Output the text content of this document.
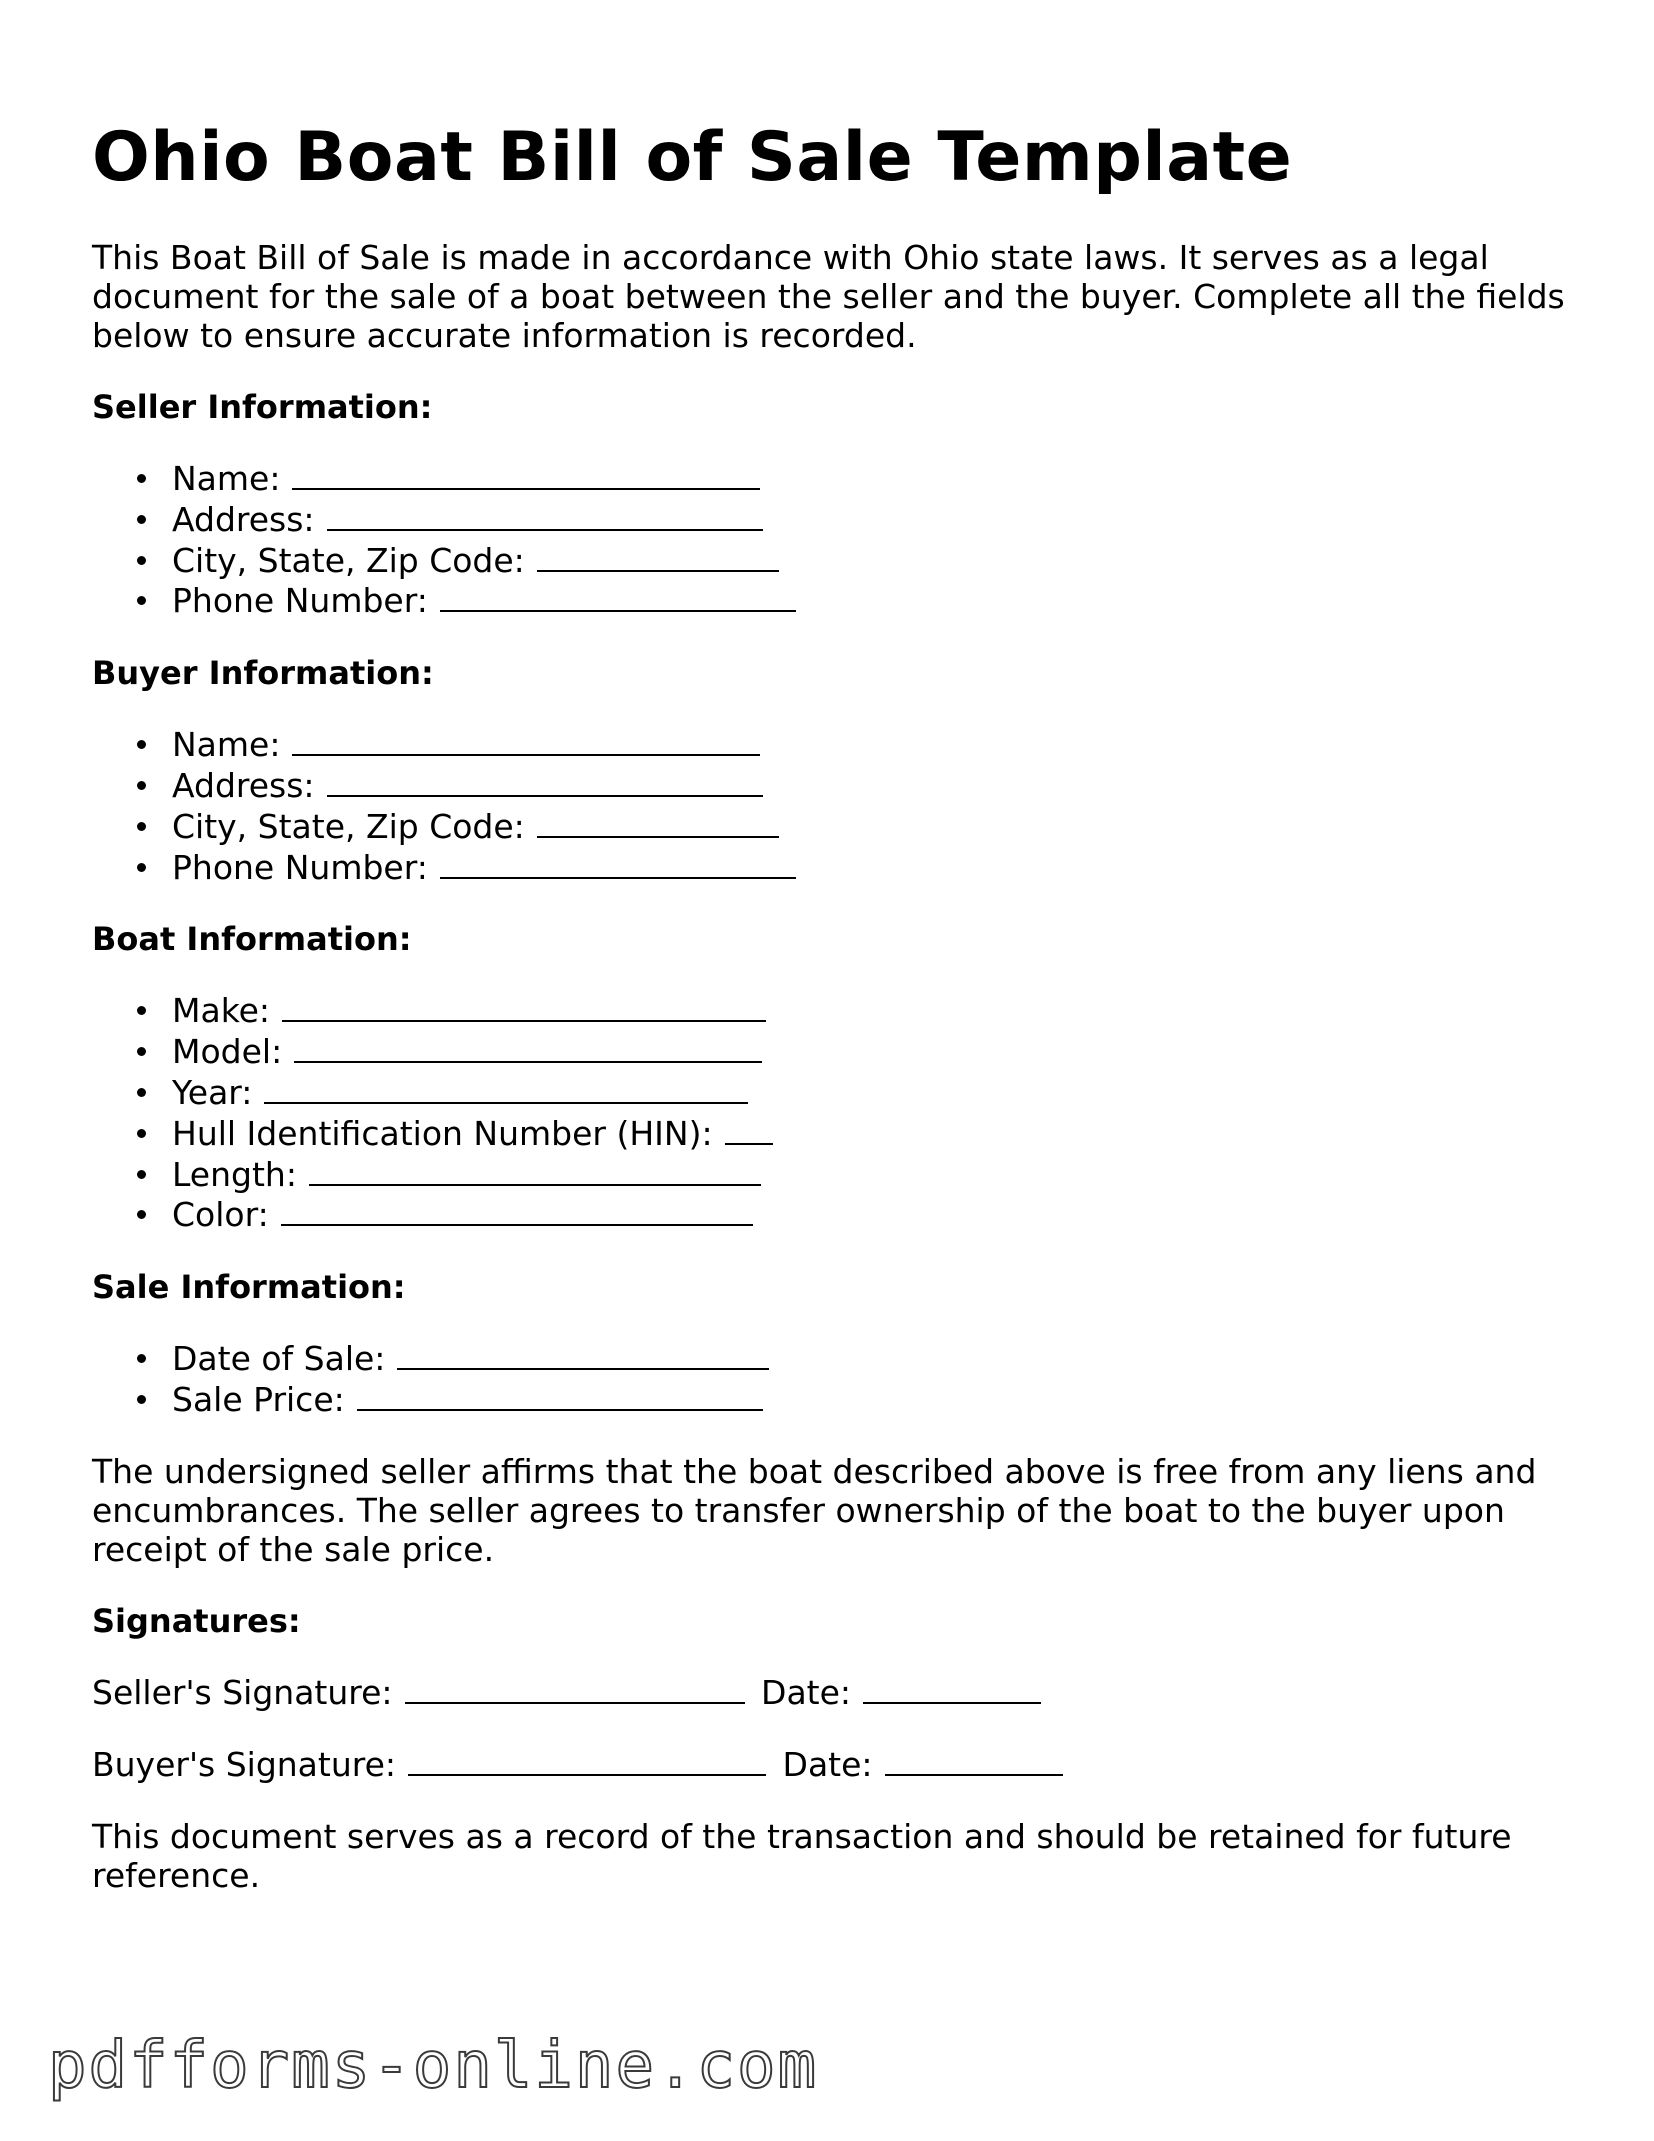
Ohio Boat Bill of Sale Template

This Boat Bill of Sale is made in accordance with Ohio state laws. It serves as a legal document for the sale of a boat between the seller and the buyer. Complete all the fields below to ensure accurate information is recorded.

Seller Information:
Name:
Address:
City, State, Zip Code:
Phone Number:
Buyer Information:
Name:
Address:
City, State, Zip Code:
Phone Number:
Boat Information:
Make:
Model:
Year:
Hull Identification Number (HIN):
Length:
Color:
Sale Information:
Date of Sale:
Sale Price:

The undersigned seller affirms that the boat described above is free from any liens and encumbrances. The seller agrees to transfer ownership of the boat to the buyer upon receipt of the sale price.

Signatures:

Seller's Signature:	Date:

Buyer's Signature:	Date:

This document serves as a record of the transaction and should be retained for future reference.

pdfforms-online.com
